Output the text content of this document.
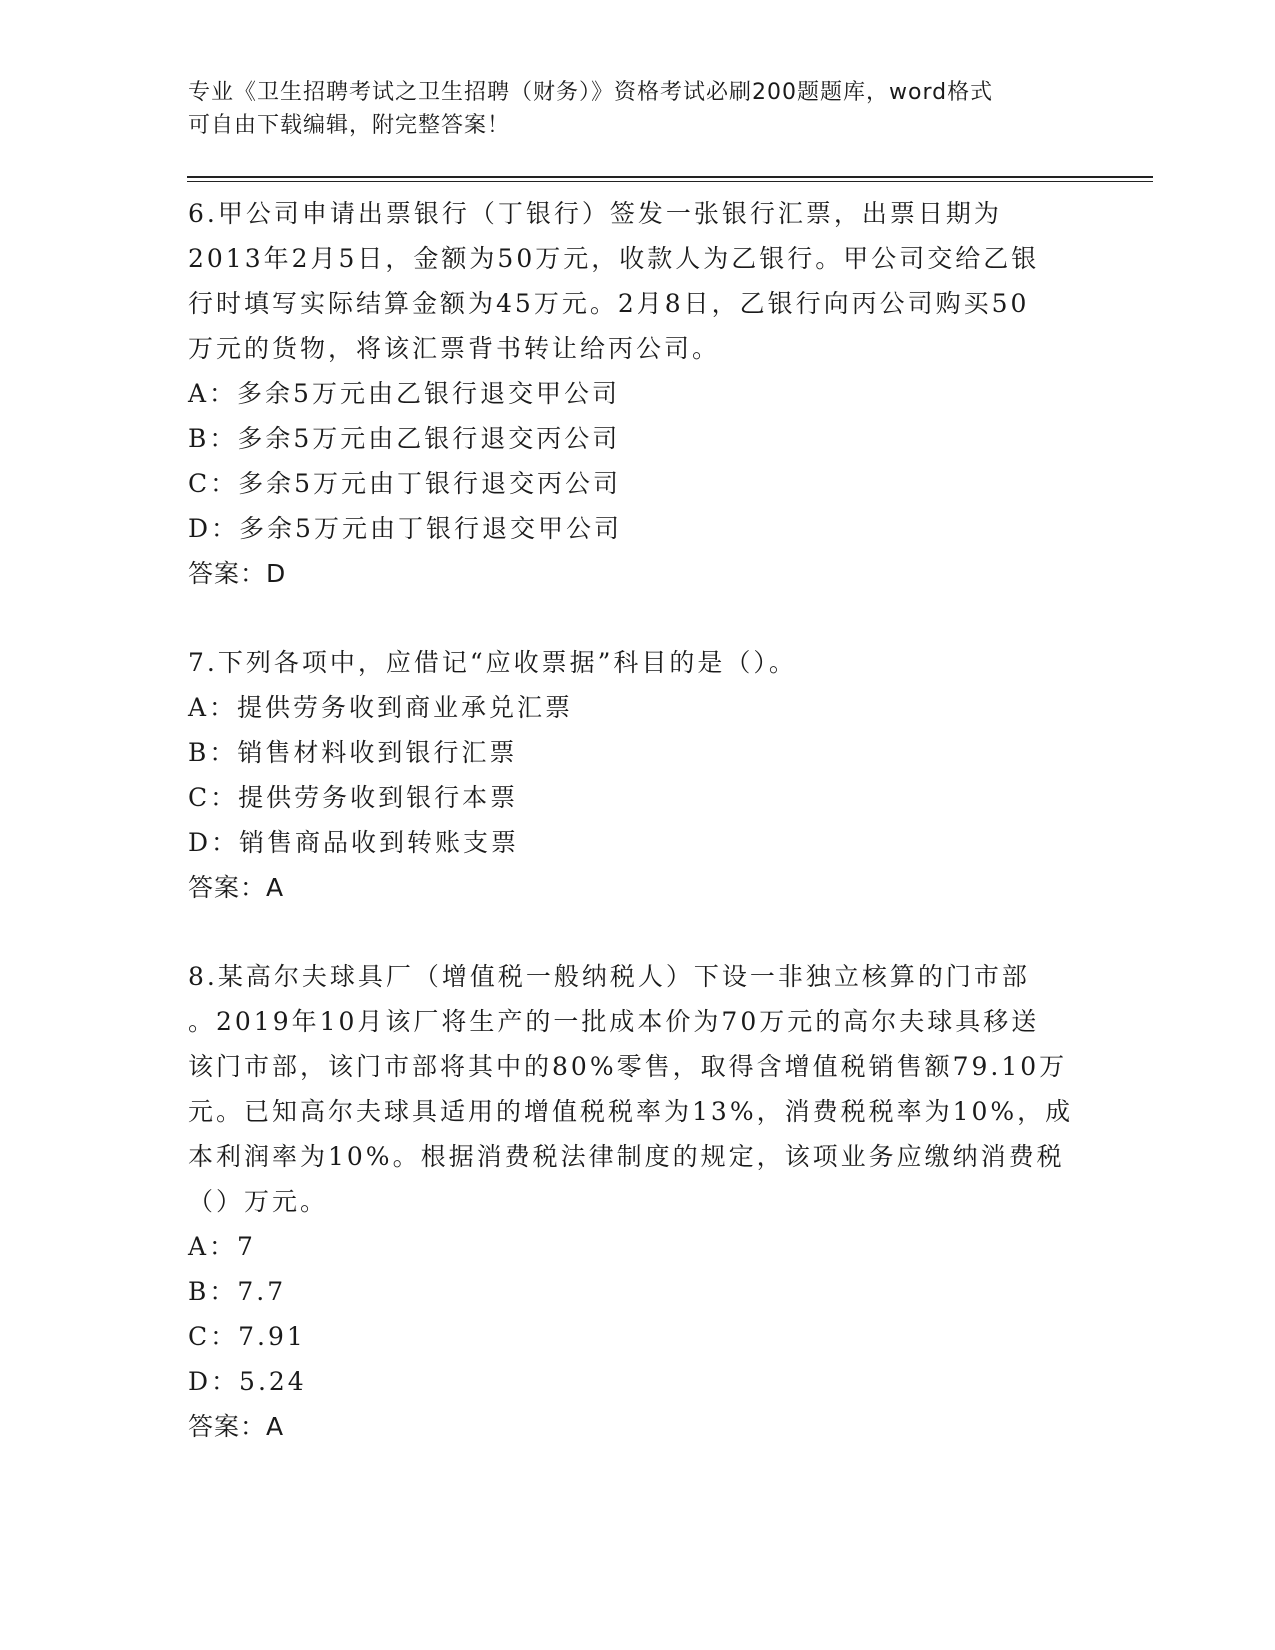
专业《卫生招聘考试之卫生招聘（财务）》资格考试必刷200题题库，word格式
可自由下载编辑，附完整答案！
6.甲公司申请出票银行（丁银行）签发一张银行汇票，出票日期为
2013年2月5日，金额为50万元，收款人为乙银行。甲公司交给乙银
行时填写实际结算金额为45万元。2月8日，乙银行向丙公司购买50
万元的货物，将该汇票背书转让给丙公司。
A：多余5万元由乙银行退交甲公司
B：多余5万元由乙银行退交丙公司
C：多余5万元由丁银行退交丙公司
D：多余5万元由丁银行退交甲公司
答案：D
7.下列各项中，应借记“应收票据”科目的是（）。
A：提供劳务收到商业承兑汇票
B：销售材料收到银行汇票
C：提供劳务收到银行本票
D：销售商品收到转账支票
答案：A
8.某高尔夫球具厂（增值税一般纳税人）下设一非独立核算的门市部
。2019年10月该厂将生产的一批成本价为70万元的高尔夫球具移送
该门市部，该门市部将其中的80%零售，取得含增值税销售额79.10万
元。已知高尔夫球具适用的增值税税率为13%，消费税税率为10%，成
本利润率为10%。根据消费税法律制度的规定，该项业务应缴纳消费税
（）万元。
A：7
B：7.7
C：7.91
D：5.24
答案：A
